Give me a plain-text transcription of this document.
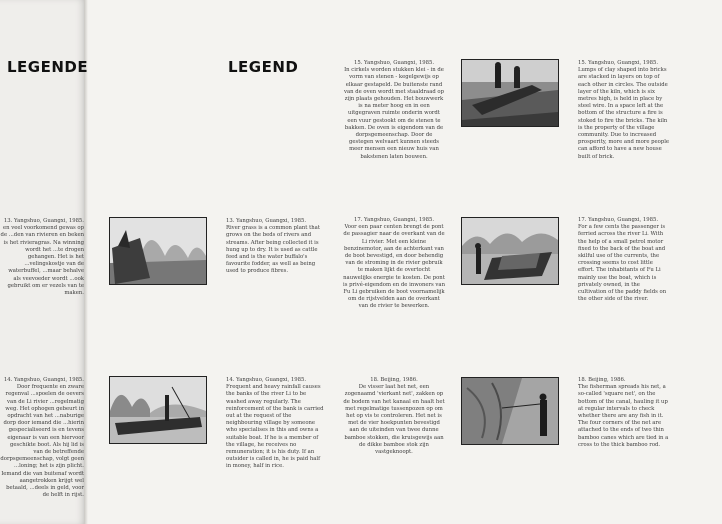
LEGENDE	LEGEND
13. Yangshuo, Guangxi, 1985.
en veel voorkomend gewas op de ...den van rivieren en beken is het rivieragras. Na winning wordt het ...te drogen gehangen. Het is het ...velingskostje van de waterbuffel, ...maar behalve als veevoeder wordt ...ook gebruikt om er vezels van te maken.
14. Yangshuo, Guangxi, 1985.
Door frequente en zware regenval ...spoelen de oevers van de Li rivier ...regelmatig weg. Het ophogen gebeurt in opdracht van het ...naburige dorp door iemand die ...hierin gespecialiseerd is en tevens eigenaar is van een hiervoor geschikte boot. Als hij lid is van de betreffende dorpsgemeenschap, volgt geen ...loning; het is zijn plicht. Iemand die van buitenaf wordt aangetrokken krijgt wel betaald, ...deels in geld, voor de helft in rijst.
15. Yangshuo, Guangxi, 1985.
In cirkels worden stukken klei - in de vorm van stenen - kegelgewijs op elkaar gestapeld. De buitenste rand van de oven wordt met staaldraad op zijn plaats gehouden. Het bouwwerk is na meter hoog en in een uitgegraven ruimte onderin wordt een vuur gestookt om de stenen te bakken. De oven is eigendom van de dorpsgemeenschap. Door de gestegen welvaart kunnen steeds meer mensen een nieuw huis van bakstenen laten bouwen.
15. Yangshuo, Guangxi, 1985.
Lumps of clay shaped into bricks are stacked in layers on top of each other in circles. The outside layer of the kiln, which is six metres high, is held in place by steel wire. In a space left at the bottom of the structure a fire is stoked to fire the bricks. The kiln is the property of the village community. Due to increased prosperity, more and more people can afford to have a new house built of brick.
13. Yangshuo, Guangxi, 1985.
River grass is a common plant that grows on the beds of rivers and streams. After being collected it is hung up to dry. It is used as cattle feed and is the water buffalo's favourite fodder, as well as being used to produce fibres.
17. Yangshuo, Guangxi, 1985.
Voor een paar centen brengt de pont de passagier naar de overkant van de Li rivier. Met een kleine benzinemotor, aan de achterkant van de boot bevestigd, en door behendig van de stroming in de rivier gebruik te maken lijkt de overtocht nauwelijks energie te kosten. De pont is privé-eigendom en de inwoners van Fu Li gebruiken de boot voornamelijk om de rijstvelden aan de overkant van de rivier te bewerken.
17. Yangshuo, Guangxi, 1985.
For a few cents the passenger is ferried across the river Li. With the help of a small petrol motor fixed to the back of the boat and skilful use of the currents, the crossing seems to cost little effort. The inhabitants of Fu Li mainly use the boat, which is privately owned, in the cultivation of the paddy fields on the other side of the river.
14. Yangshuo, Guangxi, 1985.
Frequent and heavy rainfall causes the banks of the river Li to be washed away regularly. The reinforcement of the bank is carried out at the request of the neighbouring village by someone who specialises in this and owns a suitable boat. If he is a member of the village, he receives no remuneration; it is his duty. If an outsider is called in, he is paid half in money, half in rice.
18. Beijing, 1986.
De visser laat het net, een zogenaamd 'vierkant net', zakken op de bodem van het kanaal en haalt het met regelmatige tussenpozen op om het op vis te controleren. Het net is met de vier hoekpunten bevestigd aan de uiteinden van twee dunne bamboe stokken, die kruisgewijs aan de dikke bamboe stok zijn vastgeknoopt.
18. Beijing, 1986.
The fisherman spreads his net, a so-called 'square net', on the bottom of the canal, hauling it up at regular intervals to check whether there are any fish in it. The four corners of the net are attached to the ends of two thin bamboo canes which are tied in a cross to the thick bamboo rod.
